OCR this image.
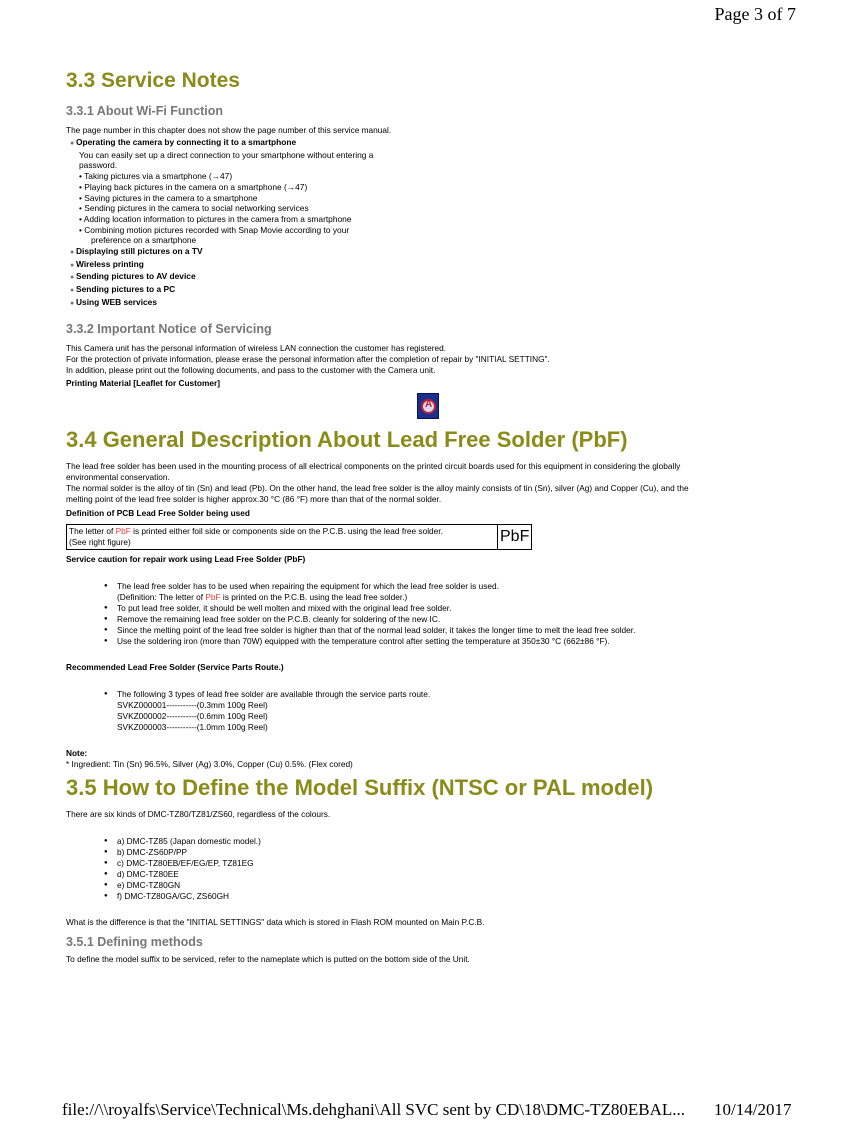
Page 3 of 7
3.3 Service Notes
3.3.1 About Wi-Fi Function
The page number in this chapter does not show the page number of this service manual.
● Operating the camera by connecting it to a smartphone
You can easily set up a direct connection to your smartphone without entering a
password.
• Taking pictures via a smartphone (→47)
• Playing back pictures in the camera on a smartphone (→47)
• Saving pictures in the camera to a smartphone
• Sending pictures in the camera to social networking services
• Adding location information to pictures in the camera from a smartphone
• Combining motion pictures recorded with Snap Movie according to your
preference on a smartphone
● Displaying still pictures on a TV
● Wireless printing
● Sending pictures to AV device
● Sending pictures to a PC
● Using WEB services
3.3.2 Important Notice of Servicing
This Camera unit has the personal information of wireless LAN connection the customer has registered.
For the protection of private information, please erase the personal information after the completion of repair by "INITIAL SETTING".
In addition, please print out the following documents, and pass to the customer with the Camera unit.
Printing Material [Leaflet for Customer]
A
3.4 General Description About Lead Free Solder (PbF)
The lead free solder has been used in the mounting process of all electrical components on the printed circuit boards used for this equipment in considering the globally
environmental conservation.
The normal solder is the alloy of tin (Sn) and lead (Pb). On the other hand, the lead free solder is the alloy mainly consists of tin (Sn), silver (Ag) and Copper (Cu), and the
melting point of the lead free solder is higher approx.30 °C (86 °F) more than that of the normal solder.
Definition of PCB Lead Free Solder being used
The letter of PbF is printed either foil side or components side on the P.C.B. using the lead free solder.
(See right figure)	PbF
Service caution for repair work using Lead Free Solder (PbF)
● The lead free solder has to be used when repairing the equipment for which the lead free solder is used.
(Definition: The letter of PbF is printed on the P.C.B. using the lead free solder.)
● To put lead free solder, it should be well molten and mixed with the original lead free solder.
● Remove the remaining lead free solder on the P.C.B. cleanly for soldering of the new IC.
● Since the melting point of the lead free solder is higher than that of the normal lead solder, it takes the longer time to melt the lead free solder.
● Use the soldering iron (more than 70W) equipped with the temperature control after setting the temperature at 350±30 °C (662±86 °F).
Recommended Lead Free Solder (Service Parts Route.)
● The following 3 types of lead free solder are available through the service parts route.
SVKZ000001-----------(0.3mm 100g Reel)
SVKZ000002-----------(0.6mm 100g Reel)
SVKZ000003-----------(1.0mm 100g Reel)
Note:
* Ingredient: Tin (Sn) 96.5%, Silver (Ag) 3.0%, Copper (Cu) 0.5%. (Flex cored)
3.5 How to Define the Model Suffix (NTSC or PAL model)
There are six kinds of DMC-TZ80/TZ81/ZS60, regardless of the colours.
● a) DMC-TZ85 (Japan domestic model.)
● b) DMC-ZS60P/PP
● c) DMC-TZ80EB/EF/EG/EP, TZ81EG
● d) DMC-TZ80EE
● e) DMC-TZ80GN
● f) DMC-TZ80GA/GC, ZS60GH
What is the difference is that the "INITIAL SETTINGS" data which is stored in Flash ROM mounted on Main P.C.B.
3.5.1 Defining methods
To define the model suffix to be serviced, refer to the nameplate which is putted on the bottom side of the Unit.
file://\\royalfs\Service\Technical\Ms.dehghani\All SVC sent by CD\18\DMC-TZ80EBAL... 10/14/2017
